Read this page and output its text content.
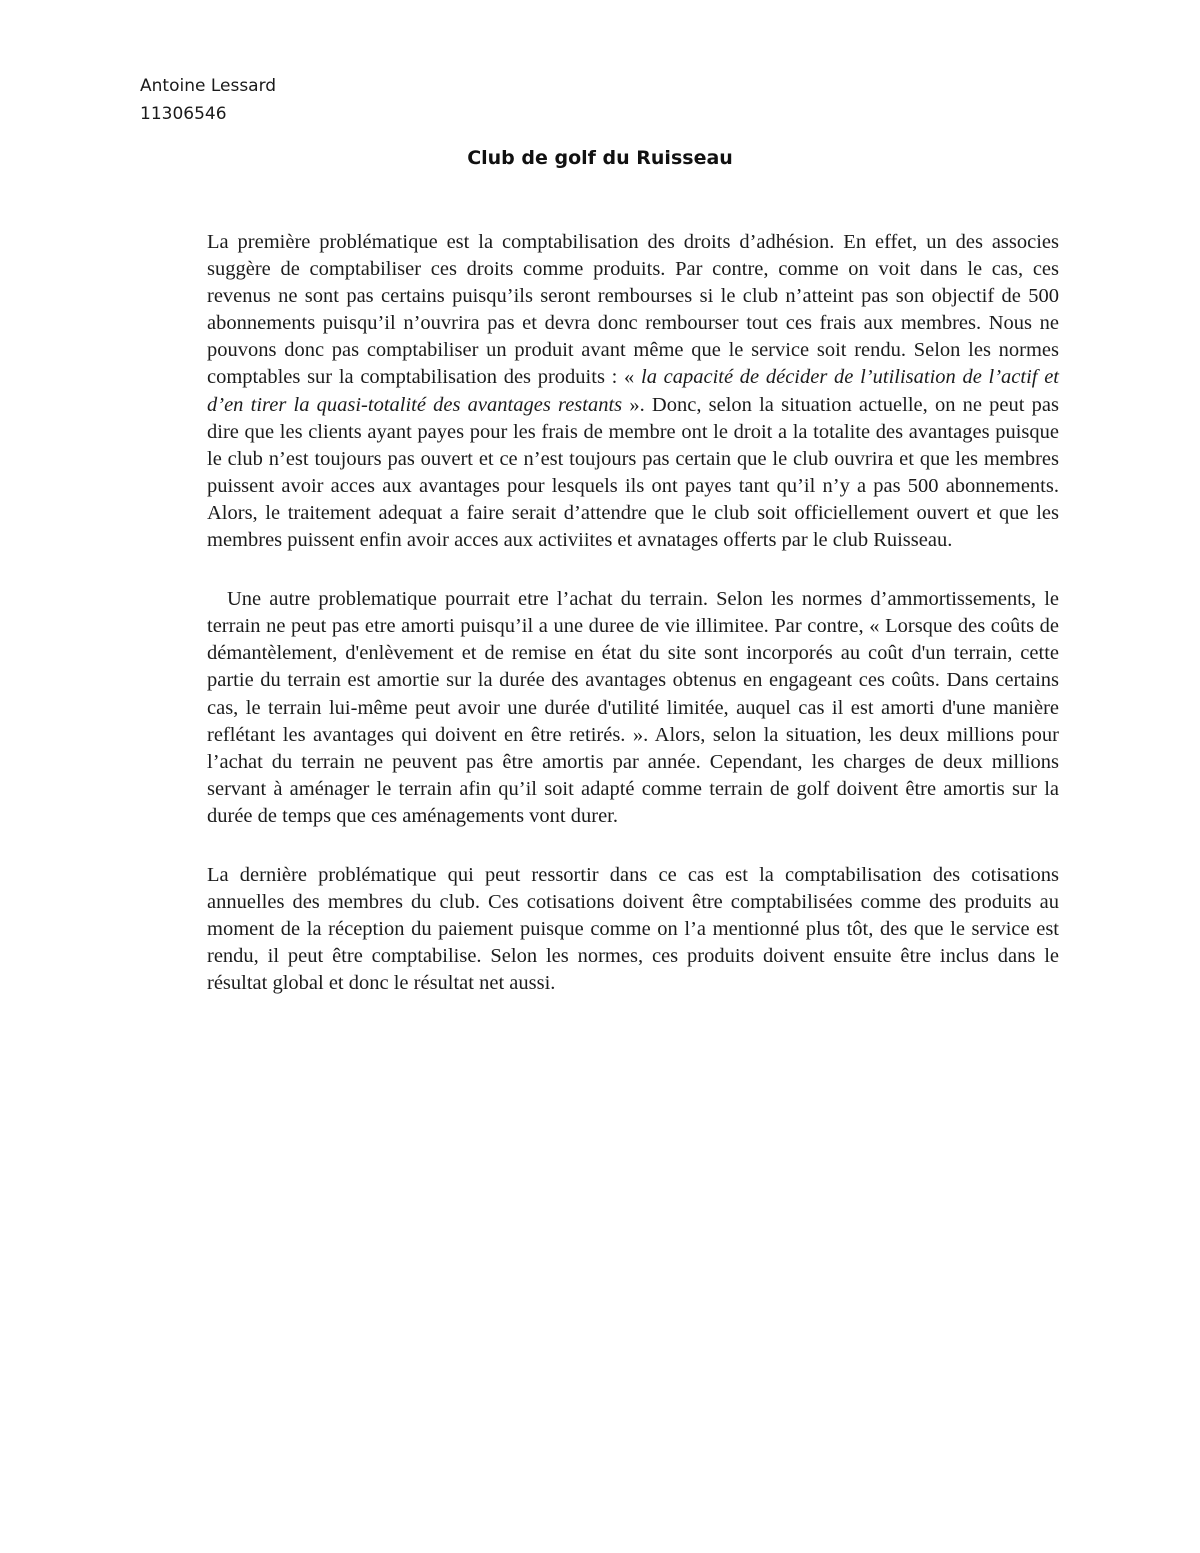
Antoine Lessard
11306546
Club de golf du Ruisseau

La première problématique est la comptabilisation des droits d’adhésion. En effet, un des associes suggère de comptabiliser ces droits comme produits. Par contre, comme on voit dans le cas, ces revenus ne sont pas certains puisqu’ils seront rembourses si le club n’atteint pas son objectif de 500 abonnements puisqu’il n’ouvrira pas et devra donc rembourser tout ces frais aux membres. Nous ne pouvons donc pas comptabiliser un produit avant même que le service soit rendu. Selon les normes comptables sur la comptabilisation des produits : « la capacité de décider de l’utilisation de l’actif et d’en tirer la quasi-totalité des avantages restants ». Donc, selon la situation actuelle, on ne peut pas dire que les clients ayant payes pour les frais de membre ont le droit a la totalite des avantages puisque le club n’est toujours pas ouvert et ce n’est toujours pas certain que le club ouvrira et que les membres puissent avoir acces aux avantages pour lesquels ils ont payes tant qu’il n’y a pas 500 abonnements. Alors, le traitement adequat a faire serait d’attendre que le club soit officiellement ouvert et que les membres puissent enfin avoir acces aux activiites et avnatages offerts par le club Ruisseau.

Une autre problematique pourrait etre l’achat du terrain. Selon les normes d’ammortissements, le terrain ne peut pas etre amorti puisqu’il a une duree de vie illimitee. Par contre, « Lorsque des coûts de démantèlement, d'enlèvement et de remise en état du site sont incorporés au coût d'un terrain, cette partie du terrain est amortie sur la durée des avantages obtenus en engageant ces coûts. Dans certains cas, le terrain lui-même peut avoir une durée d'utilité limitée, auquel cas il est amorti d'une manière reflétant les avantages qui doivent en être retirés. ». Alors, selon la situation, les deux millions pour l’achat du terrain ne peuvent pas être amortis par année. Cependant, les charges de deux millions servant à aménager le terrain afin qu’il soit adapté comme terrain de golf doivent être amortis sur la durée de temps que ces aménagements vont durer.

La dernière problématique qui peut ressortir dans ce cas est la comptabilisation des cotisations annuelles des membres du club. Ces cotisations doivent être comptabilisées comme des produits au moment de la réception du paiement puisque comme on l’a mentionné plus tôt, des que le service est rendu, il peut être comptabilise. Selon les normes, ces produits doivent ensuite être inclus dans le résultat global et donc le résultat net aussi.
